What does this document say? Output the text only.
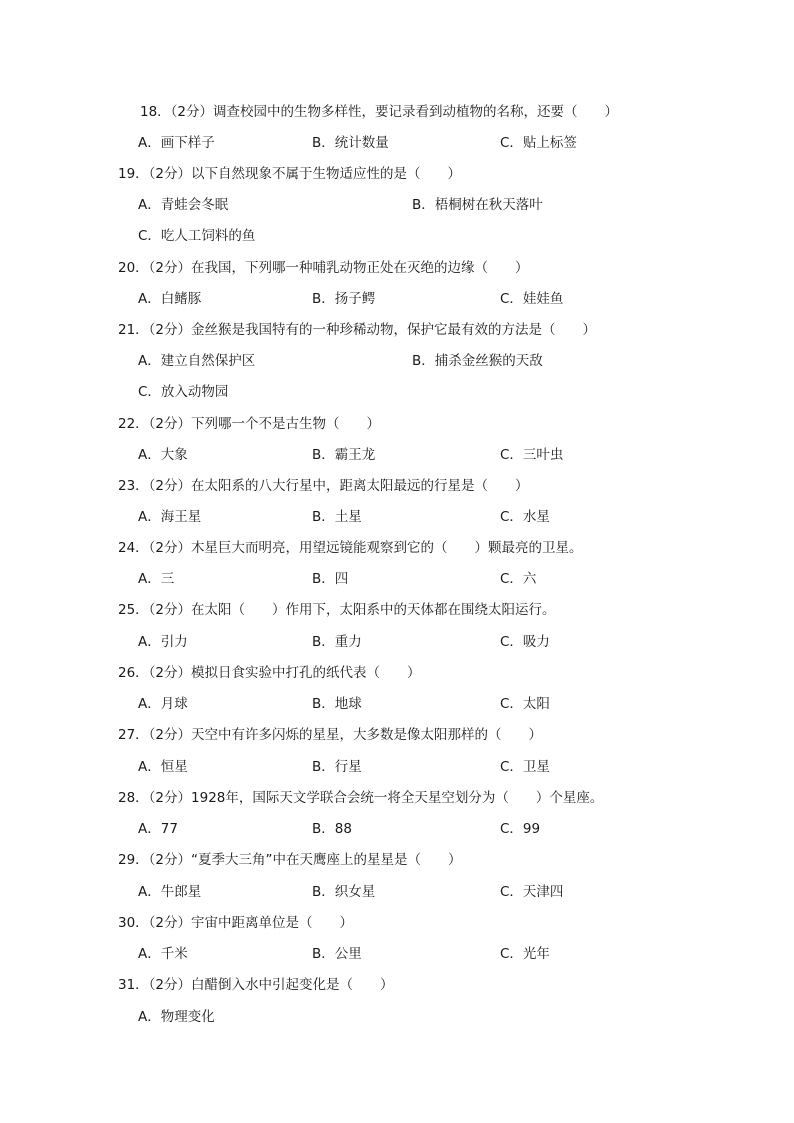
18．（2分）调查校园中的生物多样性，要记录看到动植物的名称，还要（　　）
A．画下样子	B．统计数量	C．贴上标签
19．（2分）以下自然现象不属于生物适应性的是（　　）
A．青蛙会冬眠	B．梧桐树在秋天落叶
C．吃人工饲料的鱼
20．（2分）在我国，下列哪一种哺乳动物正处在灭绝的边缘（　　）
A．白鳍豚	B．扬子鳄	C．娃娃鱼
21．（2分）金丝猴是我国特有的一种珍稀动物，保护它最有效的方法是（　　）
A．建立自然保护区	B．捕杀金丝猴的天敌
C．放入动物园
22．（2分）下列哪一个不是古生物（　　）
A．大象	B．霸王龙	C．三叶虫
23．（2分）在太阳系的八大行星中，距离太阳最远的行星是（　　）
A．海王星	B．土星	C．水星
24．（2分）木星巨大而明亮，用望远镜能观察到它的（　　）颗最亮的卫星。
A．三	B．四	C．六
25．（2分）在太阳（　　）作用下，太阳系中的天体都在围绕太阳运行。
A．引力	B．重力	C．吸力
26．（2分）模拟日食实验中打孔的纸代表（　　）
A．月球	B．地球	C．太阳
27．（2分）天空中有许多闪烁的星星，大多数是像太阳那样的（　　）
A．恒星	B．行星	C．卫星
28．（2分）1928年，国际天文学联合会统一将全天星空划分为（　　）个星座。
A．77	B．88	C．99
29．（2分）“夏季大三角”中在天鹰座上的星星是（　　）
A．牛郎星	B．织女星	C．天津四
30．（2分）宇宙中距离单位是（　　）
A．千米	B．公里	C．光年
31．（2分）白醋倒入水中引起变化是（　　）
A．物理变化
